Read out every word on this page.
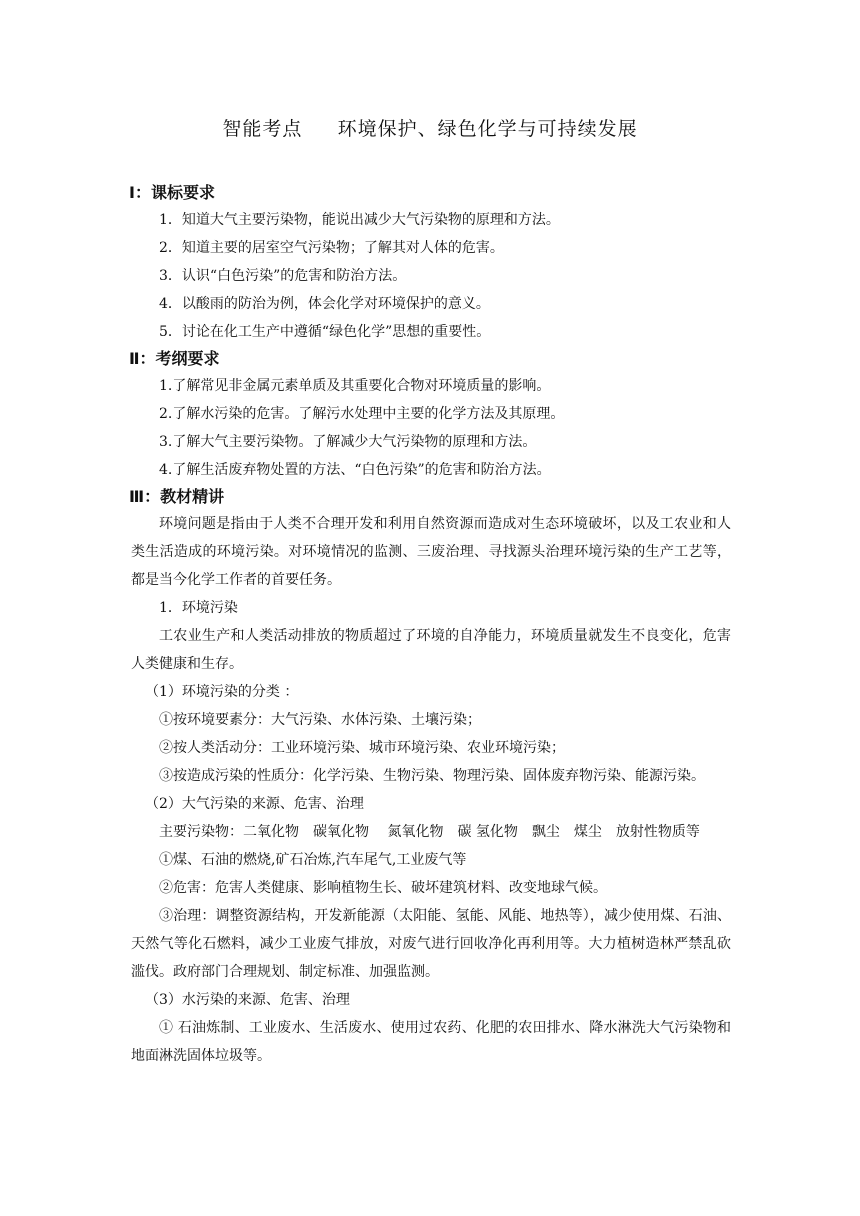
智能考点     环境保护、绿色化学与可持续发展
Ⅰ：课标要求
1．知道大气主要污染物，能说出减少大气污染物的原理和方法。
2．知道主要的居室空气污染物；了解其对人体的危害。
3．认识“白色污染”的危害和防治方法。
4．以酸雨的防治为例，体会化学对环境保护的意义。
5．讨论在化工生产中遵循“绿色化学”思想的重要性。
Ⅱ：考纲要求
1.了解常见非金属元素单质及其重要化合物对环境质量的影响。
2.了解水污染的危害。了解污水处理中主要的化学方法及其原理。
3.了解大气主要污染物。了解减少大气污染物的原理和方法。
4.了解生活废弃物处置的方法、“白色污染”的危害和防治方法。
Ⅲ：教材精讲
环境问题是指由于人类不合理开发和利用自然资源而造成对生态环境破坏，以及工农业和人类生活造成的环境污染。对环境情况的监测、三废治理、寻找源头治理环境污染的生产工艺等，都是当今化学工作者的首要任务。
1．环境污染
工农业生产和人类活动排放的物质超过了环境的自净能力，环境质量就发生不良变化，危害人类健康和生存。
（1）环境污染的分类 ：
①按环境要素分：大气污染、水体污染、土壤污染；
②按人类活动分：工业环境污染、城市环境污染、农业环境污染；
③按造成污染的性质分：化学污染、生物污染、物理污染、固体废弃物污染、能源污染。
（2）大气污染的来源、危害、治理
主要污染物：二氧化物　碳氧化物　 氮氧化物　碳 氢化物　飘尘　煤尘　放射性物质等
①煤、石油的燃烧,矿石冶炼,汽车尾气,工业废气等
②危害：危害人类健康、影响植物生长、破坏建筑材料、改变地球气候。
③治理：调整资源结构，开发新能源（太阳能、氢能、风能、地热等），减少使用煤、石油、天然气等化石燃料，减少工业废气排放，对废气进行回收净化再利用等。大力植树造林严禁乱砍滥伐。政府部门合理规划、制定标准、加强监测。
（3）水污染的来源、危害、治理
① 石油炼制、工业废水、生活废水、使用过农药、化肥的农田排水、降水淋洗大气污染物和地面淋洗固体垃圾等。
